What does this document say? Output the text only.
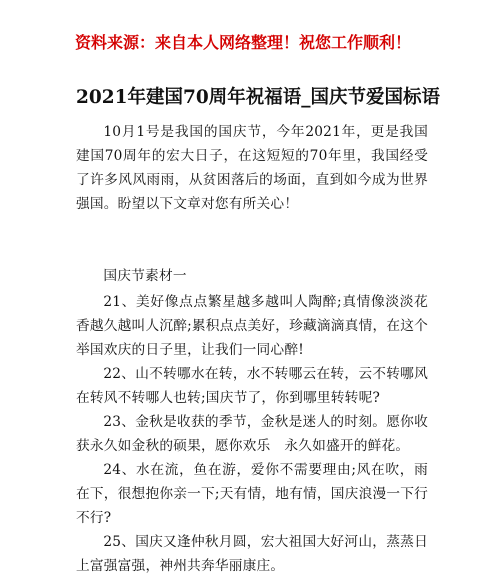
资料来源：来自本人网络整理！祝您工作顺利！
2021年建国70周年祝福语_国庆节爱国标语

10月1号是我国的国庆节，今年2021年，更是我国建国70周年的宏大日子，在这短短的70年里，我国经受了许多风风雨雨，从贫困落后的场面，直到如今成为世界强国。盼望以下文章对您有所关心！

国庆节素材一

21、美好像点点繁星越多越叫人陶醉;真情像淡淡花香越久越叫人沉醉;累积点点美好，珍藏滴滴真情，在这个举国欢庆的日子里，让我们一同心醉!

22、山不转哪水在转，水不转哪云在转，云不转哪风在转风不转哪人也转;国庆节了，你到哪里转转呢?

23、金秋是收获的季节，金秋是迷人的时刻。愿你收获永久如金秋的硕果，愿你欢乐　永久如盛开的鲜花。

24、水在流，鱼在游，爱你不需要理由;风在吹，雨在下，很想抱你亲一下;天有情，地有情，国庆浪漫一下行不行?

25、国庆又逢仲秋月圆，宏大祖国大好河山，蒸蒸日上富强富强，神州共奔华丽康庄。
